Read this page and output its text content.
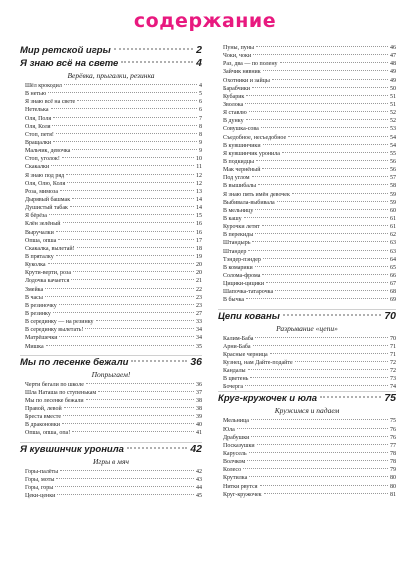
содержание
Мир ретской игры	2
Я знаю всё на свете	4
Верёвка, прыгалки, резинка
Шёл крокодил	4
В нетью	5
Я знаю всё на свете	6
Нетелька	6
Оля, Поля	7
Оля, Коля	8
Стоп, петя!	8
Вращалки	9
Мальчик, девочка	9
Стоп, уголок!	10
Скакалки	11
Я знаю под ряд	12
Оля, Олю, Коля	12
Роза, мимоза	13
Дырявый башмак	14
Душистый табак	14
Я бёрёза	15
Клён зелёный	16
Выручалки	16
Опша, опша	17
Скакалка, вылетай!	18
В пряталку	19
Куколка	20
Крути-верти, роза	20
Лодочка качается	21
Змейка	22
В часы	23
В резиночку	23
В резинку	27
В серединку — на резинку	33
В серединку вылетать!	34
Матрёшечки	34
Мишка	35
Мы по лесенке бежали	36
Попрыгаем!
Черти бегали по школе	36
Шла Наташа по ступенькам	37
Мы по лесенке бежали	38
Правой, левой	38
Бреста вместе	39
В драконовки	40
Опша, опша, опа!	41
Я кувшинчик уронила	42
Игры в мяч
Горы-палёты	42
Горы, моты	43
Горы, горы	44
Цеки-ценки	45
Пуны, пуны	46
Чоки, чоки	47
Раз, два — по полену	48
Зайчик нявник	49
Охотники и зайцы	49
Барабчики	50
Кубарик	51
Зволока	51
Я ставлю	52
В дунку	52
Совушка-сова	53
Съедобное, несъедобное	54
В кувшинчики	54
Я кувшинчик уронила	55
В подкидцы	56
Мак чернёный	56
Под углом	57
В вышибалы	58
Я знаю пять имён девочек	59
Выбивала-выбивала	59
В мельницу	60
В кашу	61
Курочки летят	61
В перекиды	62
Штандырь	63
Штандер	63
Тэндер-пэндер	64
В комарики	65
Солома-фрома	66
Цицики-цицики	67
Шапочка-татарочка	68
В бычка	69
Цепи кованы	70
Разрывание «цепи»
Калим-Баба	70
Арни-Баба	71
Красные черница	71
Кузнец, нам Дайте-подайте	72
Кандалы	72
В цветень	73
Бочерга	74
Круг-кружочек и юла	75
Кружимся и падаем
Мельница	75
Юла	76
Драбушки	76
Посказушки	77
Карусель	78
Волчком	78
Колесо	79
Крутилка	80
Нитки рвутся	80
Круг-кружочек	81
